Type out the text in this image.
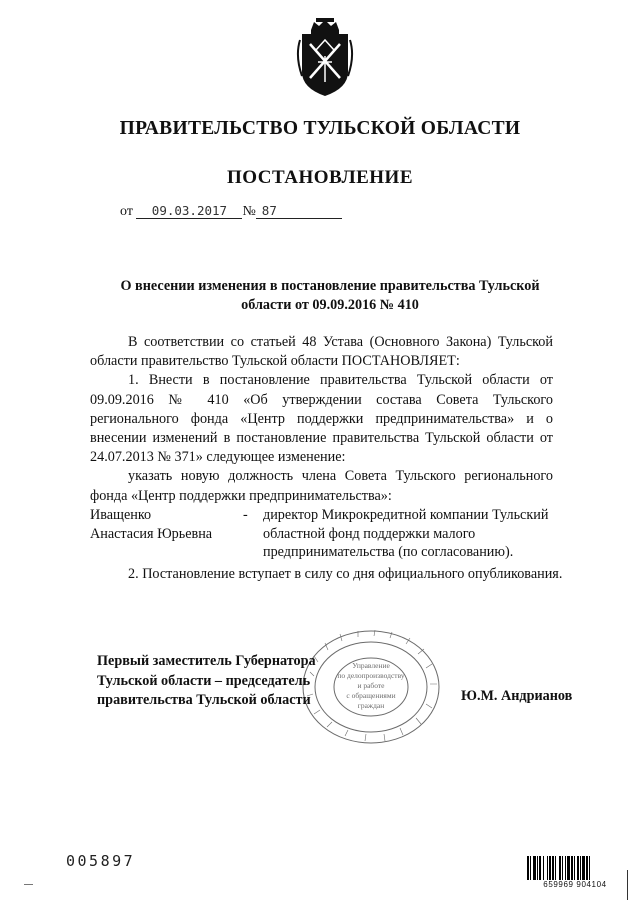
ПРАВИТЕЛЬСТВО ТУЛЬСКОЙ ОБЛАСТИ
ПОСТАНОВЛЕНИЕ
от 09.03.2017 № 87
О внесении изменения в постановление правительства Тульской области от 09.09.2016 № 410

В соответствии со статьей 48 Устава (Основного Закона) Тульской области правительство Тульской области ПОСТАНОВЛЯЕТ:

1. Внести в постановление правительства Тульской области от 09.09.2016 № 410 «Об утверждении состава Совета Тульского регионального фонда «Центр поддержки предпринимательства» и о внесении изменений в постановление правительства Тульской области от 24.07.2013 № 371» следующее изменение:

указать новую должность члена Совета Тульского регионального фонда «Центр поддержки предпринимательства»:

Иващенко
Анастасия Юрьевна
-	директор Микрокредитной компании Тульский областной фонд поддержки малого предпринимательства (по согласованию).
2. Постановление вступает в силу со дня официального опубликования.
Управление
по делопроизводству
и работе
с обращениями
граждан
Первый заместитель Губернатора
Тульской области – председатель
правительства Тульской области	Ю.М. Андрианов
005897
659969 904104
